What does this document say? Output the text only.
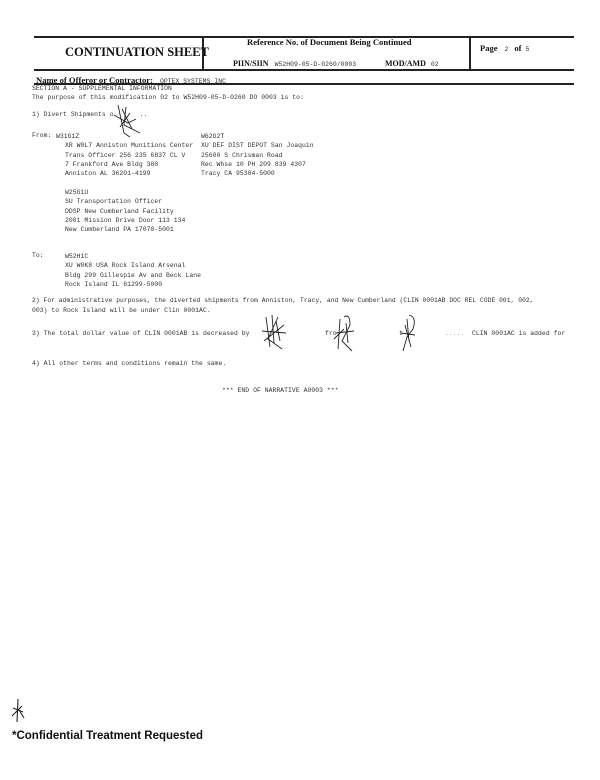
CONTINUATION SHEET
Reference No. of Document Being Continued
PIIN/SIIN W52H09-05-D-0260/0003	MOD/AMD 02
Page 2 of 5
Name of Offeror or Contractor: OPTEX SYSTEMS INC
SECTION A - SUPPLEMENTAL INFORMATION
The purpose of this modification 02 to W52H09-05-D-0260 DO 0003 is to:
1) Divert Shipments o	..
From: W31G1Z
XR W0L7 Anniston Munitions Center
Trans Officer 256 235 6837 CL V
7 Frankford Ave Bldg 380
Anniston AL 36201-4199
W62G2T
XU DEF DIST DEPOT San Joaquin
25600 S Chrisman Road
Rec Whse 10 PH 209 839 4307
Tracy CA 95304-5000
W25G1U
SU Transportation Officer
DDSP New Cumberland Facility
2001 Mission Drive Door 113 134
New Cumberland PA 17070-5001
To:	W52H1C
XU W0K8 USA Rock Island Arsenal
Bldg 299 Gillespie Av and Beck Lane
Rock Island IL 61299-5000
2) For administrative purposes, the diverted shipments from Anniston, Tracy, and New Cumberland (CLIN 0001AB DOC REL CODE 001, 002,
003) to Rock Island will be under Clin 0001AC.
3) The total dollar value of CLIN 0001AB is decreased by	fro	t	..... CLIN 0001AC is added for
4) All other terms and conditions remain the same.
*** END OF NARRATIVE A0003 ***
*Confidential Treatment Requested
